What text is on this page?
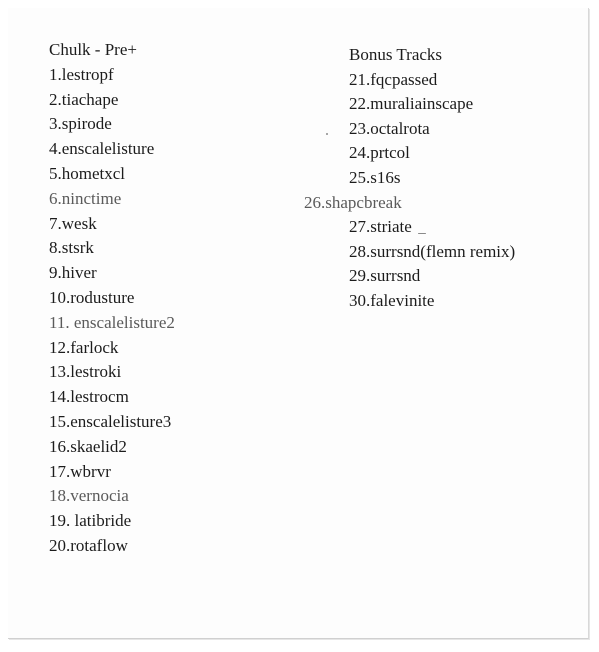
Chulk - Pre+
1.lestropf
2.tiachape
3.spirode
4.enscalelisture
5.hometxcl
6.ninctime
7.wesk
8.stsrk
9.hiver
10.rodusture
11. enscalelisture2
12.farlock
13.lestroki
14.lestrocm
15.enscalelisture3
16.skaelid2
17.wbrvr
18.vernocia
19. latibride
20.rotaflow
Bonus Tracks
21.fqcpassed
22.muraliainscape
23.octalrota
24.prtcol
25.s16s
26.shapcbreak
27.striate
28.surrsnd(flemn remix)
29.surrsnd
30.falevinite
